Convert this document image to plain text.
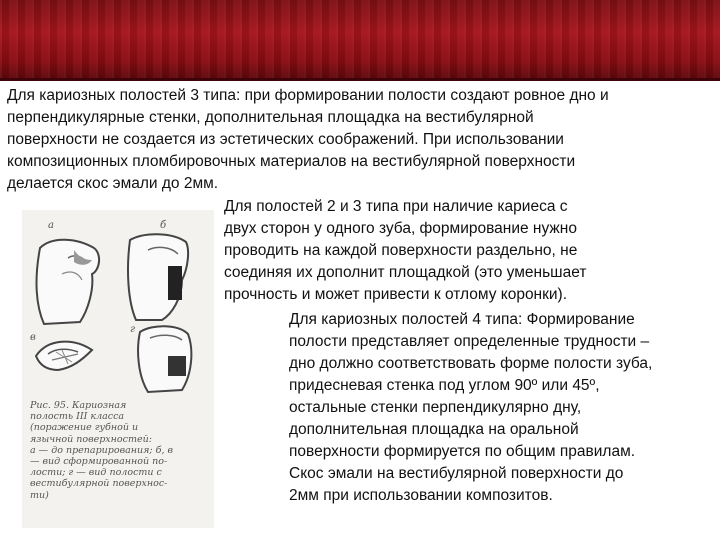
Для кариозных полостей 3 типа: при формировании полости создают ровное дно и
перпендикулярные стенки, дополнительная площадка на вестибулярной
поверхности не создается из эстетических соображений. При использовании
композиционных пломбировочных материалов на вестибулярной поверхности
делается скос эмали до 2мм.
Для полостей 2 и 3 типа при наличие кариеса с
двух сторон у одного зуба, формирование нужно
проводить на каждой поверхности раздельно, не
соединяя их дополнит площадкой (это уменьшает
прочность и может привести к отлому коронки).
Для кариозных полостей 4 типа: Формирование
полости представляет определенные трудности –
дно должно соответствовать форме полости зуба,
придесневая стенка под углом 90º или 45º,
остальные стенки перпендикулярно дну,
дополнительная площадка на оральной
поверхности формируется по общим правилам.
Скос эмали на вестибулярной поверхности до
2мм при использовании композитов.
а	б
в
г
Рис. 95. Кариозная
полость III класса
(поражение губной и
язычной поверхностей:
а — до препарирования; б, в
— вид сформированной по-
лости; г — вид полости с
вестибулярной поверхнос-
ти)
